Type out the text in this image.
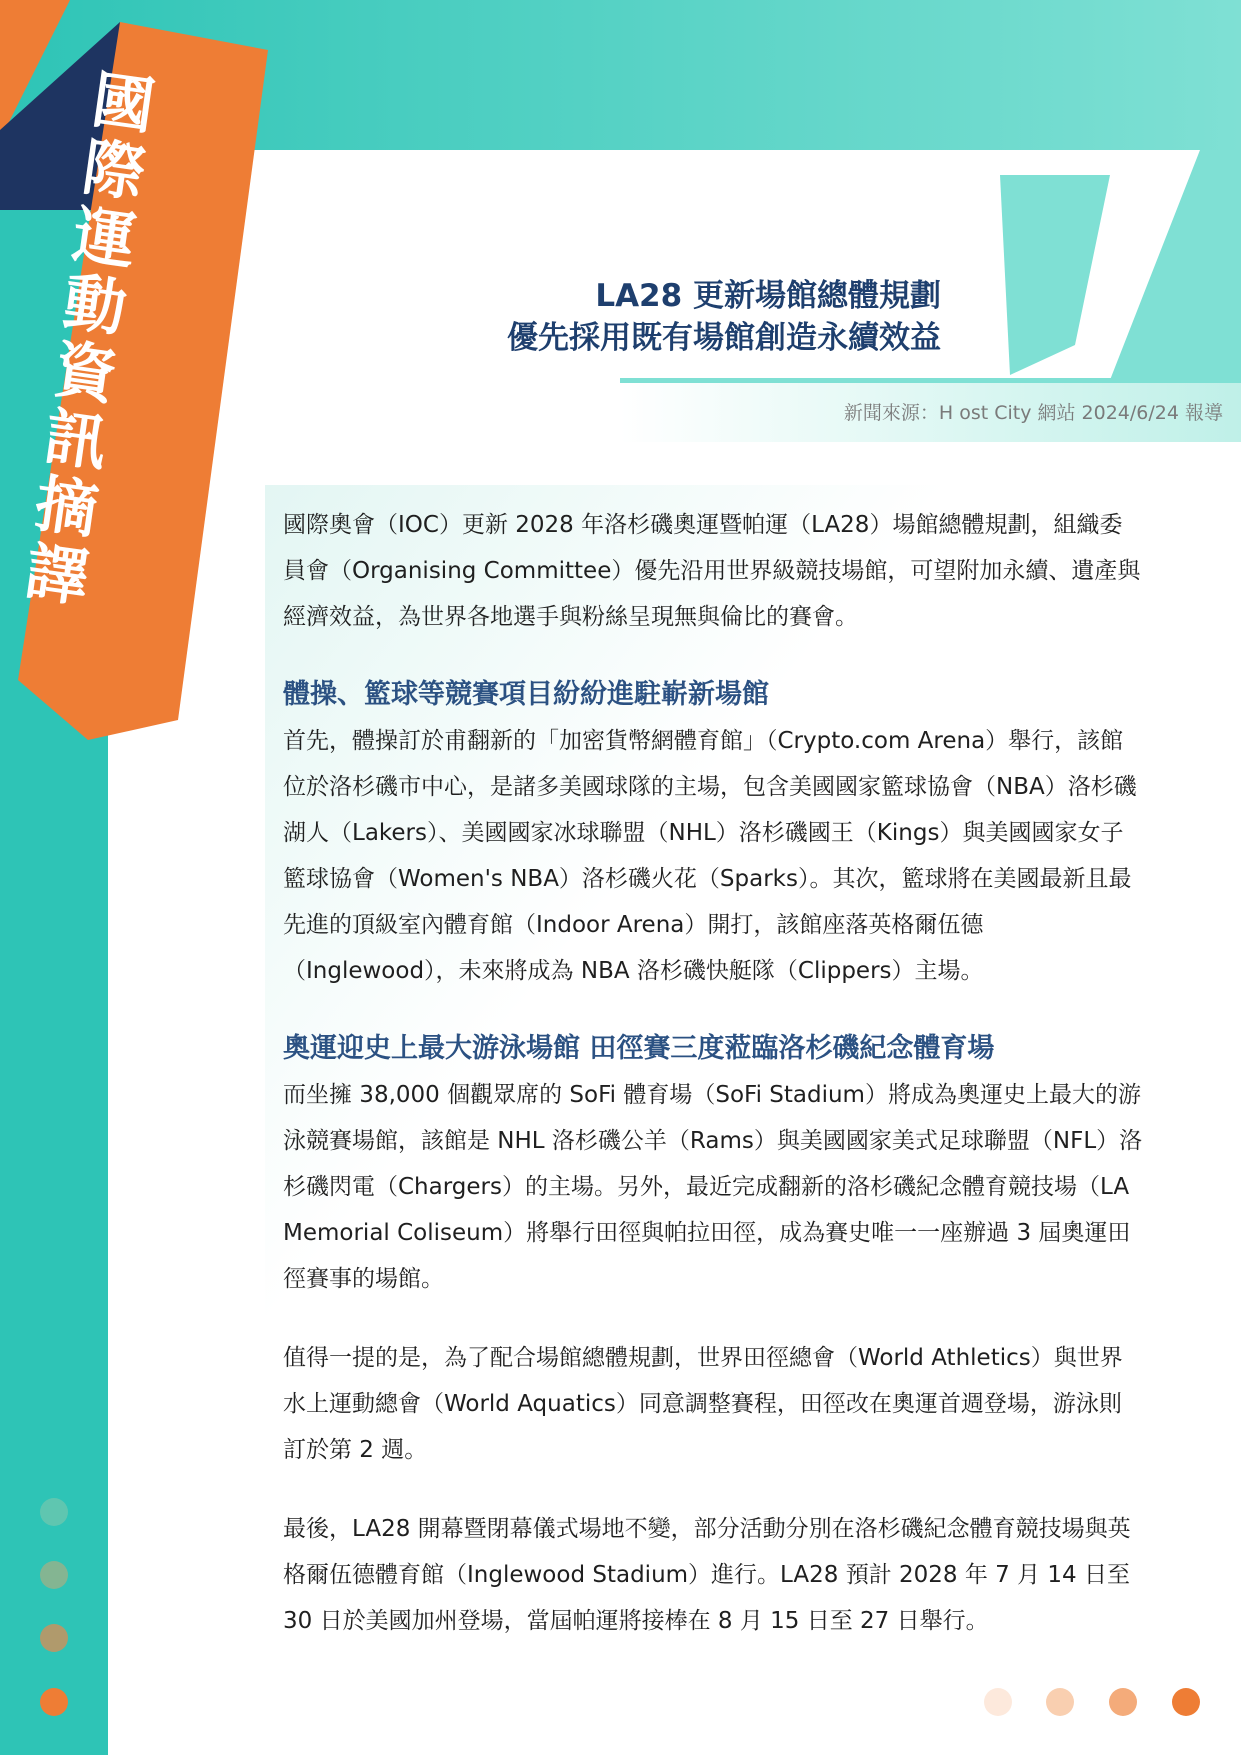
國
際
運
動
資
訊
摘
譯
LA28 更新場館總體規劃
優先採用既有場館創造永續效益
新聞來源：H ost City 網站 2024/6/24 報導

國際奧會（IOC）更新 2028 年洛杉磯奧運暨帕運（LA28）場館總體規劃，組織委員會（Organising Committee）優先沿用世界級競技場館，可望附加永續、遺產與經濟效益，為世界各地選手與粉絲呈現無與倫比的賽會。

體操、籃球等競賽項目紛紛進駐嶄新場館

首先，體操訂於甫翻新的「加密貨幣網體育館」（Crypto.com Arena）舉行，該館位於洛杉磯市中心，是諸多美國球隊的主場，包含美國國家籃球協會（NBA）洛杉磯湖人（Lakers）、美國國家冰球聯盟（NHL）洛杉磯國王（Kings）與美國國家女子籃球協會（Women's NBA）洛杉磯火花（Sparks）。其次，籃球將在美國最新且最先進的頂級室內體育館（Indoor Arena）開打，該館座落英格爾伍德（Inglewood），未來將成為 NBA 洛杉磯快艇隊（Clippers）主場。

奧運迎史上最大游泳場館 田徑賽三度蒞臨洛杉磯紀念體育場

而坐擁 38,000 個觀眾席的 SoFi 體育場（SoFi Stadium）將成為奧運史上最大的游泳競賽場館，該館是 NHL 洛杉磯公羊（Rams）與美國國家美式足球聯盟（NFL）洛杉磯閃電（Chargers）的主場。另外，最近完成翻新的洛杉磯紀念體育競技場（LA Memorial Coliseum）將舉行田徑與帕拉田徑，成為賽史唯一一座辦過 3 屆奧運田徑賽事的場館。

值得一提的是，為了配合場館總體規劃，世界田徑總會（World Athletics）與世界水上運動總會（World Aquatics）同意調整賽程，田徑改在奧運首週登場，游泳則訂於第 2 週。

最後，LA28 開幕暨閉幕儀式場地不變，部分活動分別在洛杉磯紀念體育競技場與英格爾伍德體育館（Inglewood Stadium）進行。LA28 預計 2028 年 7 月 14 日至 30 日於美國加州登場，當屆帕運將接棒在 8 月 15 日至 27 日舉行。
